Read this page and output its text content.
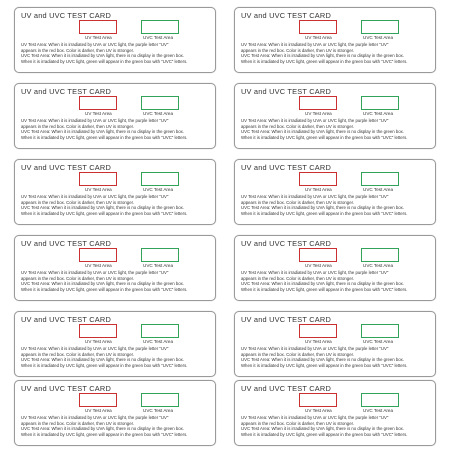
UV and UVC TEST CARD
UV Test Area	UVC Test Area

UV Test Area: When it is irradiated by UVA or UVC light, the purple letter "UV"

appears in the red box. Color is darker, then UV is stronger.

UVC Test Area: When it is irradiated by UVA light, there is no display in the green box.

When it is irradiated by UVC light, green will appear in the green box with "UVC" letters.

UV and UVC TEST CARD
UV Test Area	UVC Test Area

UV Test Area: When it is irradiated by UVA or UVC light, the purple letter "UV"

appears in the red box. Color is darker, then UV is stronger.

UVC Test Area: When it is irradiated by UVA light, there is no display in the green box.

When it is irradiated by UVC light, green will appear in the green box with "UVC" letters.

UV and UVC TEST CARD
UV Test Area	UVC Test Area

UV Test Area: When it is irradiated by UVA or UVC light, the purple letter "UV"

appears in the red box. Color is darker, then UV is stronger.

UVC Test Area: When it is irradiated by UVA light, there is no display in the green box.

When it is irradiated by UVC light, green will appear in the green box with "UVC" letters.

UV and UVC TEST CARD
UV Test Area	UVC Test Area

UV Test Area: When it is irradiated by UVA or UVC light, the purple letter "UV"

appears in the red box. Color is darker, then UV is stronger.

UVC Test Area: When it is irradiated by UVA light, there is no display in the green box.

When it is irradiated by UVC light, green will appear in the green box with "UVC" letters.

UV and UVC TEST CARD
UV Test Area	UVC Test Area

UV Test Area: When it is irradiated by UVA or UVC light, the purple letter "UV"

appears in the red box. Color is darker, then UV is stronger.

UVC Test Area: When it is irradiated by UVA light, there is no display in the green box.

When it is irradiated by UVC light, green will appear in the green box with "UVC" letters.

UV and UVC TEST CARD
UV Test Area	UVC Test Area

UV Test Area: When it is irradiated by UVA or UVC light, the purple letter "UV"

appears in the red box. Color is darker, then UV is stronger.

UVC Test Area: When it is irradiated by UVA light, there is no display in the green box.

When it is irradiated by UVC light, green will appear in the green box with "UVC" letters.

UV and UVC TEST CARD
UV Test Area	UVC Test Area

UV Test Area: When it is irradiated by UVA or UVC light, the purple letter "UV"

appears in the red box. Color is darker, then UV is stronger.

UVC Test Area: When it is irradiated by UVA light, there is no display in the green box.

When it is irradiated by UVC light, green will appear in the green box with "UVC" letters.

UV and UVC TEST CARD
UV Test Area	UVC Test Area

UV Test Area: When it is irradiated by UVA or UVC light, the purple letter "UV"

appears in the red box. Color is darker, then UV is stronger.

UVC Test Area: When it is irradiated by UVA light, there is no display in the green box.

When it is irradiated by UVC light, green will appear in the green box with "UVC" letters.

UV and UVC TEST CARD
UV Test Area	UVC Test Area

UV Test Area: When it is irradiated by UVA or UVC light, the purple letter "UV"

appears in the red box. Color is darker, then UV is stronger.

UVC Test Area: When it is irradiated by UVA light, there is no display in the green box.

When it is irradiated by UVC light, green will appear in the green box with "UVC" letters.

UV and UVC TEST CARD
UV Test Area	UVC Test Area

UV Test Area: When it is irradiated by UVA or UVC light, the purple letter "UV"

appears in the red box. Color is darker, then UV is stronger.

UVC Test Area: When it is irradiated by UVA light, there is no display in the green box.

When it is irradiated by UVC light, green will appear in the green box with "UVC" letters.

UV and UVC TEST CARD
UV Test Area	UVC Test Area

UV Test Area: When it is irradiated by UVA or UVC light, the purple letter "UV"

appears in the red box. Color is darker, then UV is stronger.

UVC Test Area: When it is irradiated by UVA light, there is no display in the green box.

When it is irradiated by UVC light, green will appear in the green box with "UVC" letters.

UV and UVC TEST CARD
UV Test Area	UVC Test Area

UV Test Area: When it is irradiated by UVA or UVC light, the purple letter "UV"

appears in the red box. Color is darker, then UV is stronger.

UVC Test Area: When it is irradiated by UVA light, there is no display in the green box.

When it is irradiated by UVC light, green will appear in the green box with "UVC" letters.
